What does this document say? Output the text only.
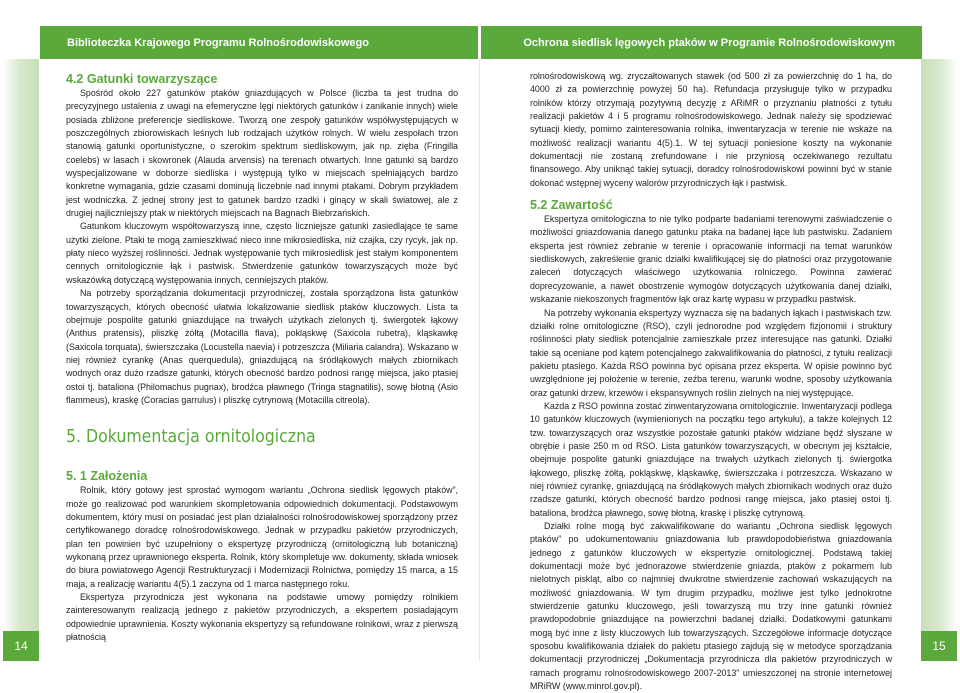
Biblioteczka Krajowego Programu Rolnośrodowiskowego	Ochrona siedlisk lęgowych ptaków w Programie Rolnośrodowiskowym
14	15
4.2 Gatunki towarzyszące

Spośród około 227 gatunków ptaków gniazdujących w Polsce (liczba ta jest trudna do precyzyjnego ustalenia z uwagi na efemeryczne lęgi niektórych gatunków i zanikanie innych) wiele posiada zbliżone preferencje siedliskowe. Tworzą one zespoły gatunków współwystępujących w poszczególnych zbiorowiskach leśnych lub rodzajach użytków rolnych. W wielu zespołach trzon stanowią gatunki oportunistyczne, o szerokim spektrum siedliskowym, jak np. zięba (Fringilla coelebs) w lasach i skowronek (Alauda arvensis) na terenach otwartych. Inne gatunki są bardzo wyspecjalizowane w doborze siedliska i występują tylko w miejscach spełniających bardzo konkretne wymagania, gdzie czasami dominują liczebnie nad innymi ptakami. Dobrym przykładem jest wodniczka. Z jednej strony jest to gatunek bardzo rzadki i ginący w skali światowej, ale z drugiej najliczniejszy ptak w niektórych miejscach na Bagnach Biebrzańskich.

Gatunkom kluczowym współtowarzyszą inne, często liczniejsze gatunki zasiedlające te same użytki zielone. Ptaki te mogą zamieszkiwać nieco inne mikrosiedliska, niż czajka, czy rycyk, jak np. płaty nieco wyższej roślinności. Jednak występowanie tych mikrosiedlisk jest stałym komponentem cennych ornitologicznie łąk i pastwisk. Stwierdzenie gatunków towarzyszących może być wskazówką dotyczącą występowania innych, cenniejszych ptaków.

Na potrzeby sporządzania dokumentacji przyrodniczej, została sporządzona lista gatunków towarzyszących, których obecność ułatwia lokalizowanie siedlisk ptaków kluczowych. Lista ta obejmuje pospolite gatunki gniazdujące na trwałych użytkach zielonych tj. świergotek łąkowy (Anthus pratensis), pliszkę żółtą (Motacilla flava), pokląskwę (Saxicola rubetra), kląskawkę (Saxicola torquata), świerszczaka (Locustella naevia) i potrzeszcza (Miliaria calandra). Wskazano w niej również cyrankę (Anas querquedula), gniazdującą na śródłąkowych małych zbiornikach wodnych oraz dużo rzadsze gatunki, których obecność bardzo podnosi rangę miejsca, jako ptasiej ostoi tj. bataliona (Philomachus pugnax), brodźca pławnego (Tringa stagnatilis), sowę błotną (Asio flammeus), kraskę (Coracias garrulus) i pliszkę cytrynową (Motacilla citreola).

5. Dokumentacja ornitologiczna
5. 1 Założenia

Rolnik, który gotowy jest sprostać wymogom wariantu „Ochrona siedlisk lęgowych ptaków”, może go realizować pod warunkiem skompletowania odpowiednich dokumentacji. Podstawowym dokumentem, który musi on posiadać jest plan działalności rolnośrodowiskowej sporządzony przez certyfikowanego doradcę rolnośrodowiskowego. Jednak w przypadku pakietów przyrodniczych, plan ten powinien być uzupełniony o ekspertyzę przyrodniczą (ornitologiczną lub botaniczną) wykonaną przez uprawnionego eksperta. Rolnik, który skompletuje ww. dokumenty, składa wniosek do biura powiatowego Agencji Restrukturyzacji i Modernizacji Rolnictwa, pomiędzy 15 marca, a 15 maja, a realizację wariantu 4(5).1 zaczyna od 1 marca następnego roku.

Ekspertyza przyrodnicza jest wykonana na podstawie umowy pomiędzy rolnikiem zainteresowanym realizacją jednego z pakietów przyrodniczych, a ekspertem posiadającym odpowiednie uprawnienia. Koszty wykonania ekspertyzy są refundowane rolnikowi, wraz z pierwszą płatnością

rolnośrodowiskową wg. zryczałtowanych stawek (od 500 zł za powierzchnię do 1 ha, do 4000 zł za powierzchnię powyżej 50 ha). Refundacja przysługuje tylko w przypadku rolników którzy otrzymają pozytywną decyzję z ARiMR o przyznaniu płatności z tytułu realizacji pakietów 4 i 5 programu rolnośrodowiskowego. Jednak należy się spodziewać sytuacji kiedy, pomimo zainteresowania rolnika, inwentaryzacja w terenie nie wskaże na możliwość realizacji wariantu 4(5).1. W tej sytuacji poniesione koszty na wykonanie dokumentacji nie zostaną zrefundowane i nie przyniosą oczekiwanego rezultatu finansowego. Aby uniknąć takiej sytuacji, doradcy rolnośrodowiskowi powinni być w stanie dokonać wstępnej wyceny walorów przyrodniczych łąk i pastwisk.

5.2 Zawartość

Ekspertyza ornitologiczna to nie tylko podparte badaniami terenowymi zaświadczenie o możliwości gniazdowania danego gatunku ptaka na badanej łące lub pastwisku. Zadaniem eksperta jest również zebranie w terenie i opracowanie informacji na temat warunków siedliskowych, zakreślenie granic działki kwalifikującej się do płatności oraz przygotowanie zaleceń dotyczących właściwego użytkowania rolniczego. Powinna zawierać doprecyzowanie, a nawet obostrzenie wymogów dotyczących użytkowania danej działki, wskazanie niekoszonych fragmentów łąk oraz kartę wypasu w przypadku pastwisk.

Na potrzeby wykonania ekspertyzy wyznacza się na badanych łąkach i pastwiskach tzw. działki rolne ornitologiczne (RSO), czyli jednorodne pod względem fizjonomii i struktury roślinności płaty siedlisk potencjalnie zamieszkałe przez interesujące nas gatunki. Działki takie są oceniane pod kątem potencjalnego zakwalifikowania do płatności, z tytułu realizacji pakietu ptasiego. Każda RSO powinna być opisana przez eksperta. W opisie powinno być uwzględnione jej położenie w terenie, zeźba terenu, warunki wodne, sposoby użytkowania oraz gatunki drzew, krzewów i ekspansywnych roślin zielnych na niej występujące.

Każda z RSO powinna zostać zinwentaryzowana ornitologicznie. Inwentaryzacji podlega 10 gatunków kluczowych (wymienionych na początku tego artykułu), a także kolejnych 12 tzw. towarzyszących oraz wszystkie pozostałe gatunki ptaków widziane będź słyszane w obrębie i pasie 250 m od RSO. Lista gatunków towarzyszących, w obecnym jej kształcie, obejmuje pospolite gatunki gniazdujące na trwałych użytkach zielonych tj. świergotka łąkowego, pliszkę żółtą, pokląskwę, kląskawkę, świerszczaka i potrzeszcza. Wskazano w niej również cyrankę, gniazdującą na śródłąkowych małych zbiornikach wodnych oraz dużo rzadsze gatunki, których obecność bardzo podnosi rangę miejsca, jako ptasiej ostoi tj. bataliona, brodźca pławnego, sowę błotną, kraskę i pliszkę cytrynową.

Działki rolne mogą być zakwalifikowane do wariantu „Ochrona siedlisk lęgowych ptaków” po udokumentowaniu gniazdowania lub prawdopodobieństwa gniazdowania jednego z gatunków kluczowych w ekspertyzie ornitologicznej. Podstawą takiej dokumentacji może być jednorazowe stwierdzenie gniazda, ptaków z pokarmem lub nielotnych piskląt, albo co najmniej dwukrotne stwierdzenie zachowań wskazujących na możliwość gniazdowania. W tym drugim przypadku, możliwe jest tylko jednokrotne stwierdzenie gatunku kluczowego, jeśli towarzyszą mu trzy inne gatunki również prawdopodobnie gniazdujące na powierzchni badanej działki. Dodatkowymi gatunkami mogą być inne z listy kluczowych lub towarzyszących. Szczegółowe informacje dotyczące sposobu kwalifikowania działek do pakietu ptasiego zajdują się w metodyce sporządzania dokumentacji przyrodniczej „Dokumentacja przyrodnicza dla pakietów przyrodniczych w ramach programu rolnośrodowiskowego 2007-2013” umieszczonej na stronie internetowej MRiRW (www.minrol.gov.pl).
